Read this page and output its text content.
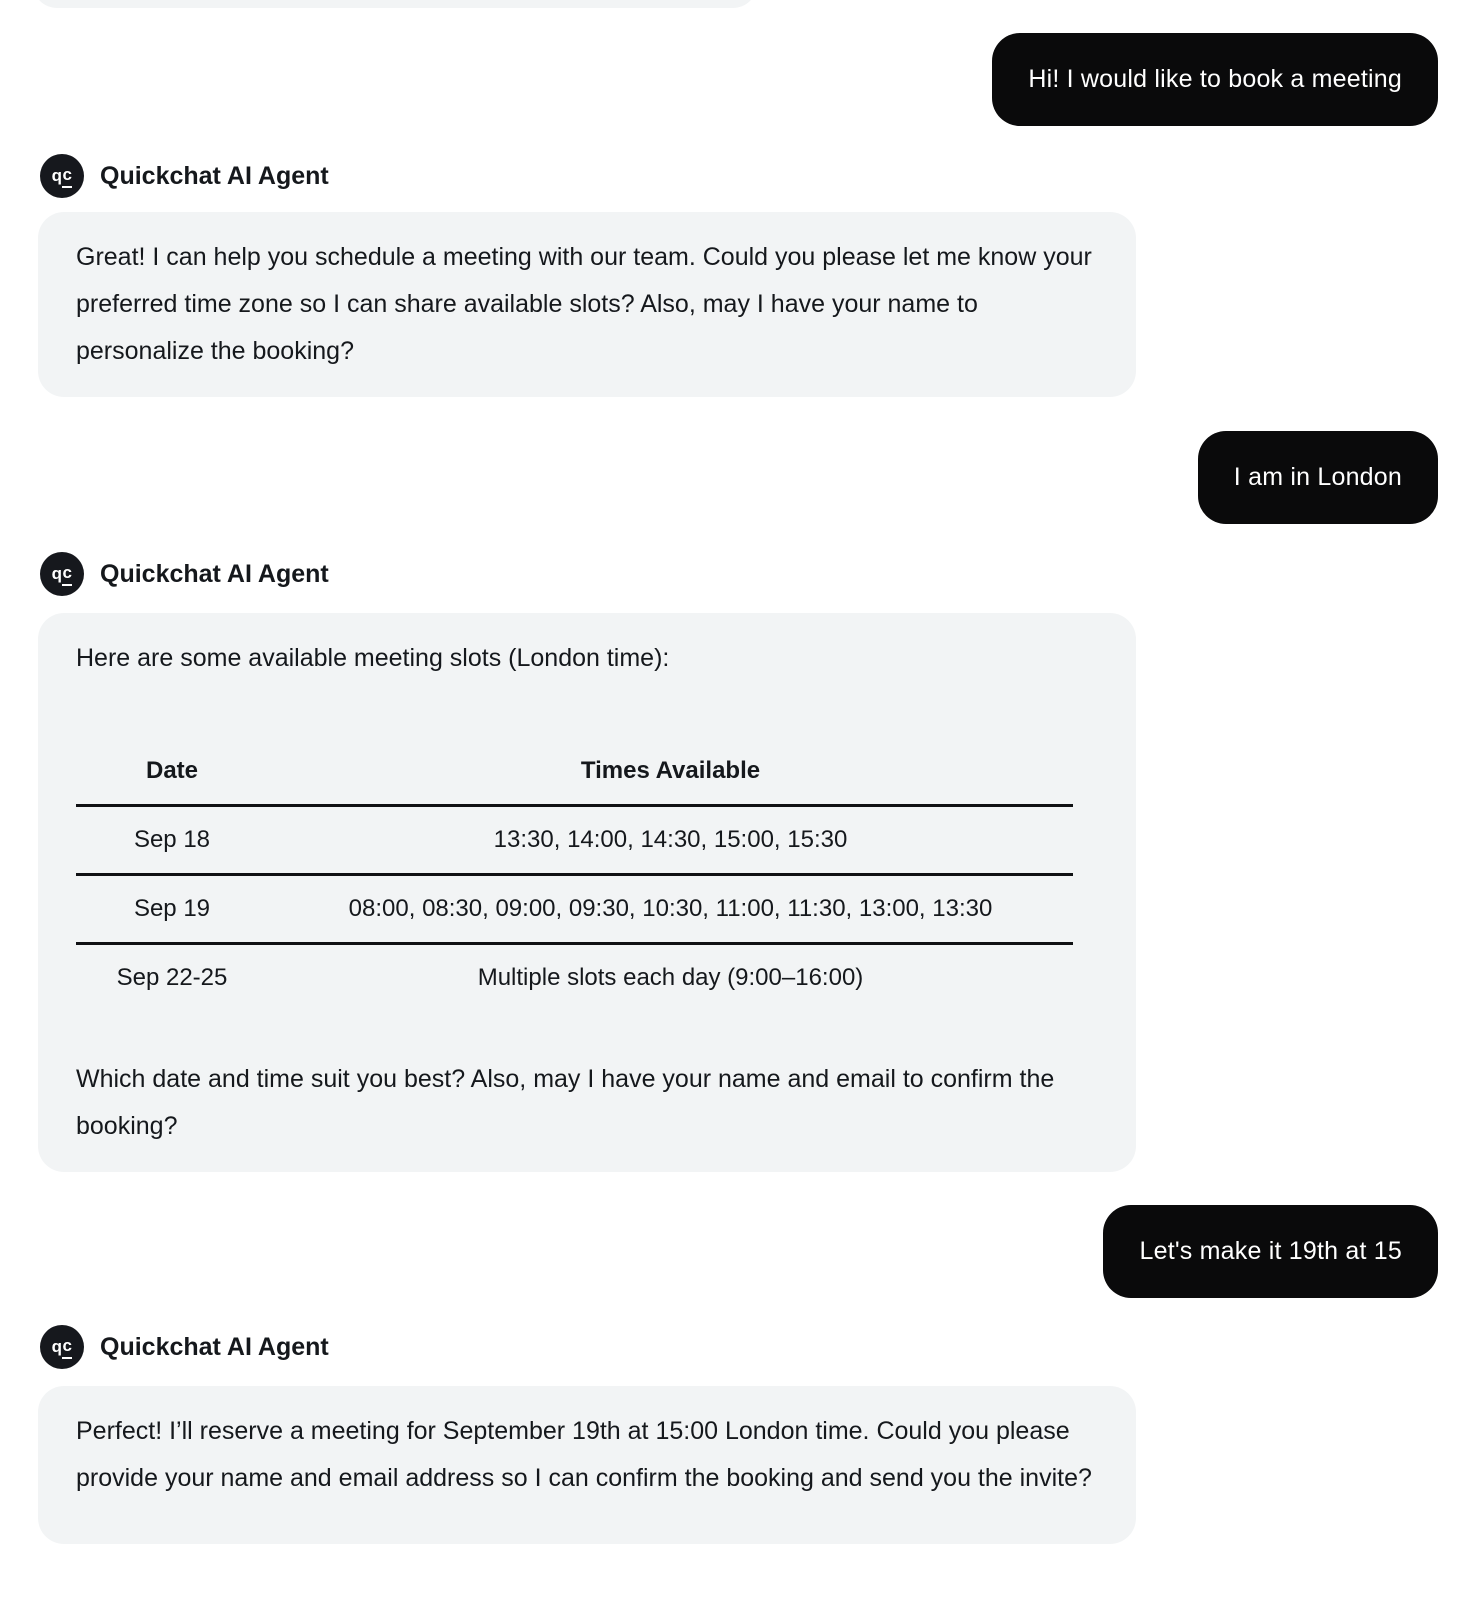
Hi! I would like to book a meeting
q c Quickchat AI Agent
Great! I can help you schedule a meeting with our team. Could you please let me know your preferred time zone so I can share available slots? Also, may I have your name to personalize the booking?
I am in London
q c Quickchat AI Agent

Here are some available meeting slots (London time):

Date	Times Available
Sep 18	13:30, 14:00, 14:30, 15:00, 15:30
Sep 19	08:00, 08:30, 09:00, 09:30, 10:30, 11:00, 11:30, 13:00, 13:30
Sep 22-25	Multiple slots each day (9:00–16:00)

Which date and time suit you best? Also, may I have your name and email to confirm the booking?

Let's make it 19th at 15
q c Quickchat AI Agent
Perfect! I’ll reserve a meeting for September 19th at 15:00 London time. Could you please provide your name and email address so I can confirm the booking and send you the invite?
